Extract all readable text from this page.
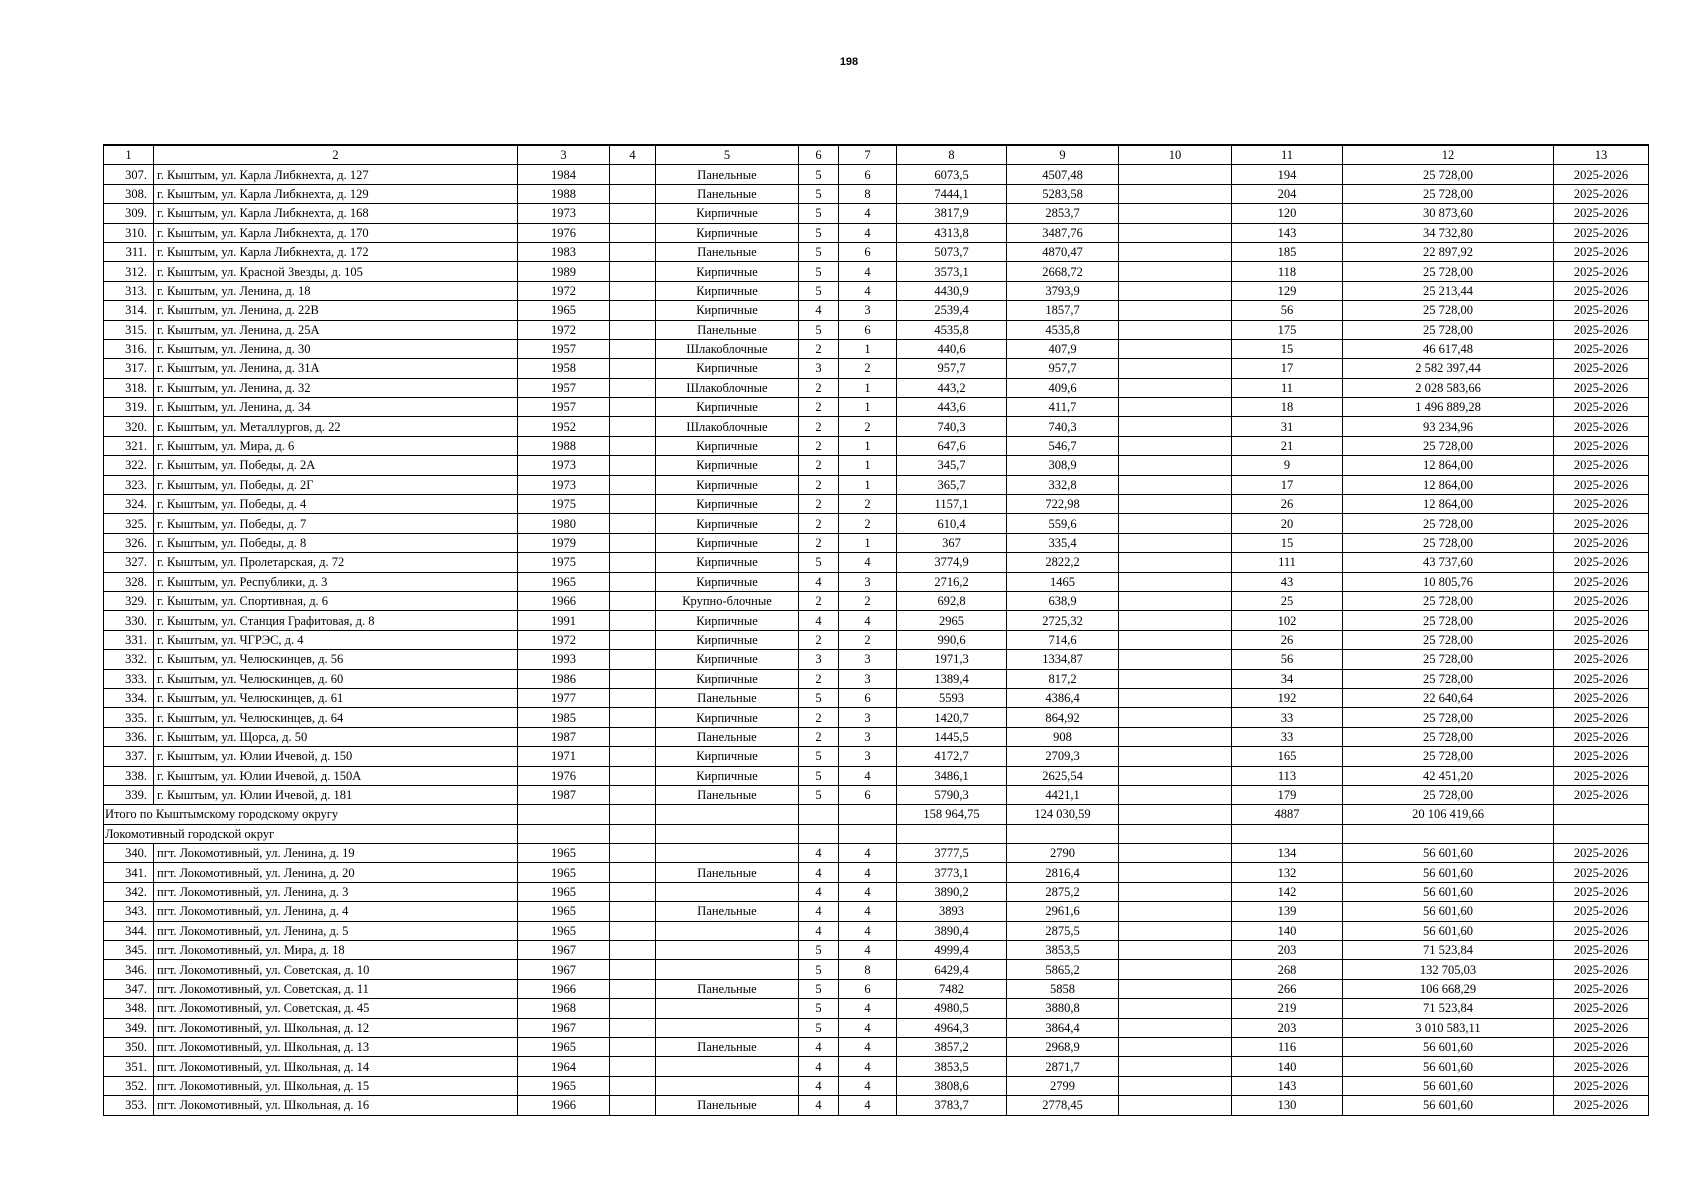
198
1	2	3	4	5	6	7	8	9	10	11	12	13
307.	г. Кыштым, ул. Карла Либкнехта, д. 127	1984		Панельные	5	6	6073,5	4507,48		194	25 728,00	2025-2026
308.	г. Кыштым, ул. Карла Либкнехта, д. 129	1988		Панельные	5	8	7444,1	5283,58		204	25 728,00	2025-2026
309.	г. Кыштым, ул. Карла Либкнехта, д. 168	1973		Кирпичные	5	4	3817,9	2853,7		120	30 873,60	2025-2026
310.	г. Кыштым, ул. Карла Либкнехта, д. 170	1976		Кирпичные	5	4	4313,8	3487,76		143	34 732,80	2025-2026
311.	г. Кыштым, ул. Карла Либкнехта, д. 172	1983		Панельные	5	6	5073,7	4870,47		185	22 897,92	2025-2026
312.	г. Кыштым, ул. Красной Звезды, д. 105	1989		Кирпичные	5	4	3573,1	2668,72		118	25 728,00	2025-2026
313.	г. Кыштым, ул. Ленина, д. 18	1972		Кирпичные	5	4	4430,9	3793,9		129	25 213,44	2025-2026
314.	г. Кыштым, ул. Ленина, д. 22В	1965		Кирпичные	4	3	2539,4	1857,7		56	25 728,00	2025-2026
315.	г. Кыштым, ул. Ленина, д. 25А	1972		Панельные	5	6	4535,8	4535,8		175	25 728,00	2025-2026
316.	г. Кыштым, ул. Ленина, д. 30	1957		Шлакоблочные	2	1	440,6	407,9		15	46 617,48	2025-2026
317.	г. Кыштым, ул. Ленина, д. 31А	1958		Кирпичные	3	2	957,7	957,7		17	2 582 397,44	2025-2026
318.	г. Кыштым, ул. Ленина, д. 32	1957		Шлакоблочные	2	1	443,2	409,6		11	2 028 583,66	2025-2026
319.	г. Кыштым, ул. Ленина, д. 34	1957		Кирпичные	2	1	443,6	411,7		18	1 496 889,28	2025-2026
320.	г. Кыштым, ул. Металлургов, д. 22	1952		Шлакоблочные	2	2	740,3	740,3		31	93 234,96	2025-2026
321.	г. Кыштым, ул. Мира, д. 6	1988		Кирпичные	2	1	647,6	546,7		21	25 728,00	2025-2026
322.	г. Кыштым, ул. Победы, д. 2А	1973		Кирпичные	2	1	345,7	308,9		9	12 864,00	2025-2026
323.	г. Кыштым, ул. Победы, д. 2Г	1973		Кирпичные	2	1	365,7	332,8		17	12 864,00	2025-2026
324.	г. Кыштым, ул. Победы, д. 4	1975		Кирпичные	2	2	1157,1	722,98		26	12 864,00	2025-2026
325.	г. Кыштым, ул. Победы, д. 7	1980		Кирпичные	2	2	610,4	559,6		20	25 728,00	2025-2026
326.	г. Кыштым, ул. Победы, д. 8	1979		Кирпичные	2	1	367	335,4		15	25 728,00	2025-2026
327.	г. Кыштым, ул. Пролетарская, д. 72	1975		Кирпичные	5	4	3774,9	2822,2		111	43 737,60	2025-2026
328.	г. Кыштым, ул. Республики, д. 3	1965		Кирпичные	4	3	2716,2	1465		43	10 805,76	2025-2026
329.	г. Кыштым, ул. Спортивная, д. 6	1966		Крупно-блочные	2	2	692,8	638,9		25	25 728,00	2025-2026
330.	г. Кыштым, ул. Станция Графитовая, д. 8	1991		Кирпичные	4	4	2965	2725,32		102	25 728,00	2025-2026
331.	г. Кыштым, ул. ЧГРЭС, д. 4	1972		Кирпичные	2	2	990,6	714,6		26	25 728,00	2025-2026
332.	г. Кыштым, ул. Челюскинцев, д. 56	1993		Кирпичные	3	3	1971,3	1334,87		56	25 728,00	2025-2026
333.	г. Кыштым, ул. Челюскинцев, д. 60	1986		Кирпичные	2	3	1389,4	817,2		34	25 728,00	2025-2026
334.	г. Кыштым, ул. Челюскинцев, д. 61	1977		Панельные	5	6	5593	4386,4		192	22 640,64	2025-2026
335.	г. Кыштым, ул. Челюскинцев, д. 64	1985		Кирпичные	2	3	1420,7	864,92		33	25 728,00	2025-2026
336.	г. Кыштым, ул. Щорса, д. 50	1987		Панельные	2	3	1445,5	908		33	25 728,00	2025-2026
337.	г. Кыштым, ул. Юлии Ичевой, д. 150	1971		Кирпичные	5	3	4172,7	2709,3		165	25 728,00	2025-2026
338.	г. Кыштым, ул. Юлии Ичевой, д. 150А	1976		Кирпичные	5	4	3486,1	2625,54		113	42 451,20	2025-2026
339.	г. Кыштым, ул. Юлии Ичевой, д. 181	1987		Панельные	5	6	5790,3	4421,1		179	25 728,00	2025-2026
Итого по Кыштымскому городскому округу							158 964,75	124 030,59		4887	20 106 419,66	
Локомотивный городской округ												
340.	пгт. Локомотивный, ул. Ленина, д. 19	1965			4	4	3777,5	2790		134	56 601,60	2025-2026
341.	пгт. Локомотивный, ул. Ленина, д. 20	1965		Панельные	4	4	3773,1	2816,4		132	56 601,60	2025-2026
342.	пгт. Локомотивный, ул. Ленина, д. 3	1965			4	4	3890,2	2875,2		142	56 601,60	2025-2026
343.	пгт. Локомотивный, ул. Ленина, д. 4	1965		Панельные	4	4	3893	2961,6		139	56 601,60	2025-2026
344.	пгт. Локомотивный, ул. Ленина, д. 5	1965			4	4	3890,4	2875,5		140	56 601,60	2025-2026
345.	пгт. Локомотивный, ул. Мира, д. 18	1967			5	4	4999,4	3853,5		203	71 523,84	2025-2026
346.	пгт. Локомотивный, ул. Советская, д. 10	1967			5	8	6429,4	5865,2		268	132 705,03	2025-2026
347.	пгт. Локомотивный, ул. Советская, д. 11	1966		Панельные	5	6	7482	5858		266	106 668,29	2025-2026
348.	пгт. Локомотивный, ул. Советская, д. 45	1968			5	4	4980,5	3880,8		219	71 523,84	2025-2026
349.	пгт. Локомотивный, ул. Школьная, д. 12	1967			5	4	4964,3	3864,4		203	3 010 583,11	2025-2026
350.	пгт. Локомотивный, ул. Школьная, д. 13	1965		Панельные	4	4	3857,2	2968,9		116	56 601,60	2025-2026
351.	пгт. Локомотивный, ул. Школьная, д. 14	1964			4	4	3853,5	2871,7		140	56 601,60	2025-2026
352.	пгт. Локомотивный, ул. Школьная, д. 15	1965			4	4	3808,6	2799		143	56 601,60	2025-2026
353.	пгт. Локомотивный, ул. Школьная, д. 16	1966		Панельные	4	4	3783,7	2778,45		130	56 601,60	2025-2026
